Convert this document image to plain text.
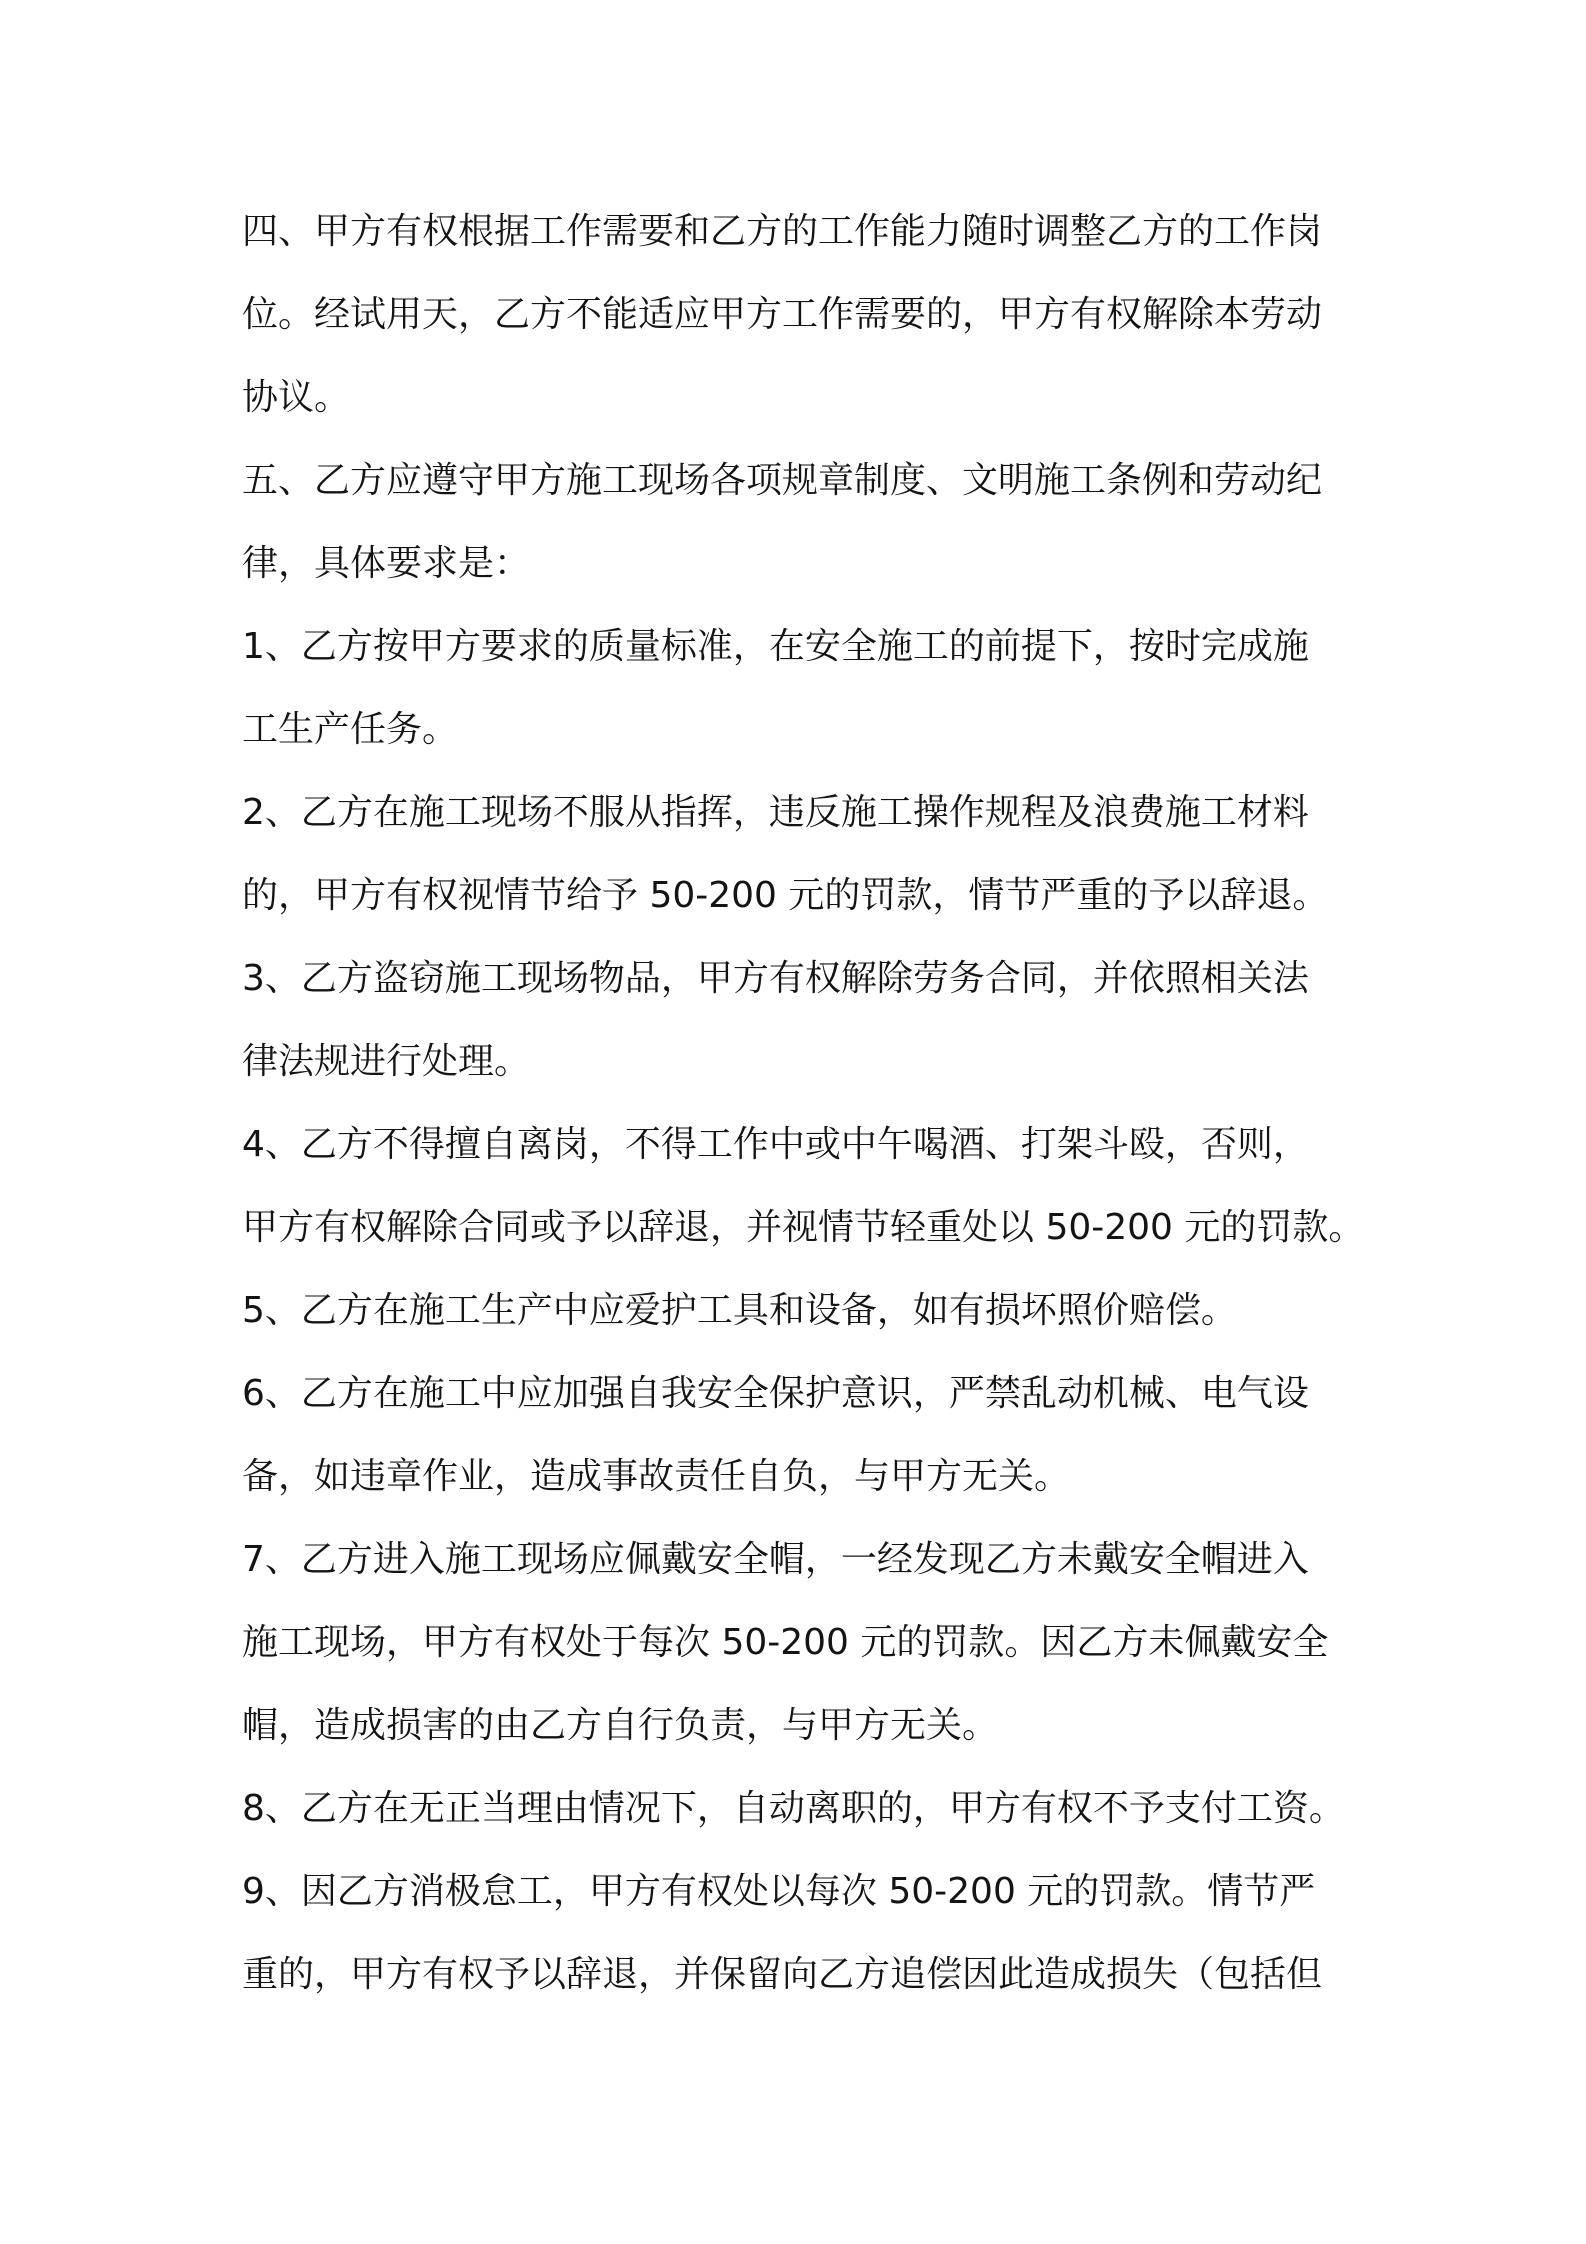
四、甲方有权根据工作需要和乙方的工作能力随时调整乙方的工作岗
位。经试用天，乙方不能适应甲方工作需要的，甲方有权解除本劳动
协议。
五、乙方应遵守甲方施工现场各项规章制度、文明施工条例和劳动纪
律，具体要求是：
1、乙方按甲方要求的质量标准，在安全施工的前提下，按时完成施
工生产任务。
2、乙方在施工现场不服从指挥，违反施工操作规程及浪费施工材料
的，甲方有权视情节给予 50-200 元的罚款，情节严重的予以辞退。
3、乙方盗窃施工现场物品，甲方有权解除劳务合同，并依照相关法
律法规进行处理。
4、乙方不得擅自离岗，不得工作中或中午喝酒、打架斗殴，否则，
甲方有权解除合同或予以辞退，并视情节轻重处以 50-200 元的罚款。
5、乙方在施工生产中应爱护工具和设备，如有损坏照价赔偿。
6、乙方在施工中应加强自我安全保护意识，严禁乱动机械、电气设
备，如违章作业，造成事故责任自负，与甲方无关。
7、乙方进入施工现场应佩戴安全帽，一经发现乙方未戴安全帽进入
施工现场，甲方有权处于每次 50-200 元的罚款。因乙方未佩戴安全
帽，造成损害的由乙方自行负责，与甲方无关。
8、乙方在无正当理由情况下，自动离职的，甲方有权不予支付工资。
9、因乙方消极怠工，甲方有权处以每次 50-200 元的罚款。情节严
重的，甲方有权予以辞退，并保留向乙方追偿因此造成损失（包括但
